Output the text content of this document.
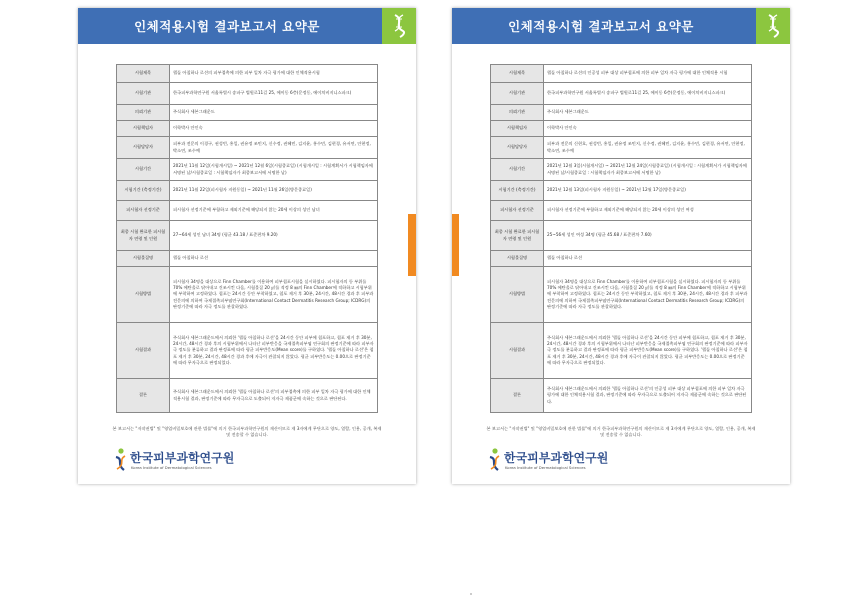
인체적용시험 결과보고서 요약문
시험제목	헬돌 아칠하나 로션의 피부접촉에 의한 피부 일차 자극 평가에 대한 인체적용시험
시험기관	한국피부과학연구원 서울특별시 송파구 법원로11길 25, 에이동 6층(문정동, 에이치비지니스파크)
의뢰기관	주식회사 세븐그래운드
시험책임자	이학박사 안인숙
시험담당자	피부과 전문의 이경구, 권성빈, 홍일, 권유정 조민지, 신수정, 권혜민, 김지윤, 홍수민, 김현경, 유서연, 안현정, 박소연, 조수예
시험기간	2021년 11월 12일(시험개시일) ~ 2021년 12월 6일(시험종료일) (시험개시일 : 시험계획서가 시험책임자에 서명된 날/시험종료일 : 시험책임자가 최종보고서에 서명한 날)
시험기간 (측정기간)	2021년 11월 22일(피시험자 지원동일) ~ 2021년 11월 26일(방문종료일)
피시험자 선정기준	피시험자 선정기준에 부합하고 제외기준에 해당되지 않는 20세 이상의 성인 남녀
최종 시험 완료한 피시험자 연령 및 인원	27~64세 성인 남녀 34명 (평균 43.18 / 표준편차 9.20)
시험물질명	헬돌 아칠하나 로션
시험방법	피시험자 34명을 대상으로 Finn Chamber를 이용하여 피부첩포시험을 실시하였다. 피시험자의 등 부위를 70% 에탄올로 닦아내고 건조시킨 다음, 시험물질 20 ㎕를 적정 8 ㎜의 Finn Chamber에 적하하고 시험부위에 부착하여 고정하였다. 첩포는 24시간 동안 부착하였고, 첩포 제거 후 30분, 24시간, 48시간 경과 후 피부과 전문의에 의하여 국제접촉피부염연구회(International Contact Dermatitis Research Group; ICDRG)의 판정기준에 따라 자극 정도를 관찰하였다.
시험결과	주식회사 세븐그래운드에서 의뢰한 '헬돌 아칠하나 로션'을 24시간 동안 피부에 첩포하고, 첩포 제거 후 30분, 24시간, 48시간 경과 후의 시험부위에서 나타난 피부반응을 국제접촉피부염 연구회의 판정기준에 따라 피부자극 정도를 분류하고 결과 판정표에 따라 평균 피부반응도(Mean score)를 구하였다. '헬돌 아칠하나 로션'은 첩포 제거 후 30분, 24시간, 48시간 경과 후에 자극이 관찰되지 않았다. 평균 피부반응도는 0.00으로 판정기준에 따라 무자극으로 판정되었다.
결론	주식회사 세븐그래운드에서 의뢰한 '헬돌 아칠하나 로션'의 피부접촉에 의한 피부 일차 자극 평가에 대한 인체적용시험 결과, 판정기준에 따라 무자극으로 도출되어 저자극 제품군에 속하는 것으로 판단된다.
본 보고서는 "저작권법" 및 "영업비밀보호에 관한 법률"에 의거 한국피부과학연구원의 재산이므로 제 3자에게 무단으로 양도, 열람, 인용, 공개, 복제 및 전송할 수 없습니다.
한국피부과학연구원
Korea Institute of Dermatological Sciences
인체적용시험 결과보고서 요약문
시험제목	헬돌 아칠하나 로션의 인공성 피부 대상 피부첩포에 의한 피부 일차 자극 평가에 대한 인체적용 시험
시험기관	한국피부과학연구원 서울특별시 송파구 법원로11길 25, 에이동 6층(문정동, 에이치비지니스파크)
의뢰기관	주식회사 세븐그래운드
시험책임자	이학박사 안인숙
시험담당자	피부과 전문의 신현호, 권성빈, 홍일, 권유정 조민지, 신수정, 권혜민, 김지윤, 홍수민, 김현경, 유서연, 안현정, 박소연, 조수예
시험기간	2021년 12월 3일(시험개시일) ~ 2021년 12월 24일(시험종료일) (시험개시일 : 시험계획서가 시험책임자에 서명된 날/시험종료일 : 시험책임자가 최종보고서에 서명한 날)
시험기간 (측정기간)	2021년 12월 13일(피시험자 지원동일) ~ 2021년 12월 17일(방문종료일)
피시험자 선정기준	피시험자 선정기준에 부합하고 제외기준에 해당되지 않는 20세 이상의 성인 여성
최종 시험 완료한 피시험자 연령 및 인원	25~56세 성인 여성 34명 (평균 45.68 / 표준편차 7.60)
시험물질명	헬돌 아칠하나 로션
시험방법	피시험자 34명을 대상으로 Finn Chamber를 이용하여 피부첩포시험을 실시하였다. 피시험자의 등 부위를 70% 에탄올로 닦아내고 건조시킨 다음, 시험물질 20 ㎕를 적정 8 ㎜의 Finn Chamber에 적하하고 시험부위에 부착하여 고정하였다. 첩포는 24시간 동안 부착하였고, 첩포 제거 후 30분, 24시간, 48시간 경과 후 피부과 전문의에 의하여 국제접촉피부염연구회(International Contact Dermatitis Research Group; ICDRG)의 판정기준에 따라 자극 정도를 관찰하였다.
시험결과	주식회사 세븐그래운드에서 의뢰한 '헬돌 아칠하나 로션'을 24시간 동안 피부에 첩포하고, 첩포 제거 후 30분, 24시간, 48시간 경과 후의 시험부위에서 나타난 피부반응을 국제접촉피부염 연구회의 판정기준에 따라 피부자극 정도를 분류하고 결과 판정표에 따라 평균 피부반응도(Mean score)를 구하였다. '헬돌 아칠하나 로션'은 첩포 제거 후 30분, 24시간, 48시간 경과 후에 자극이 관찰되지 않았다. 평균 피부반응도는 0.00으로 판정기준에 따라 무자극으로 판정되었다.
결론	주식회사 세븐그래운드에서 의뢰한 '헬돌 아칠하나 로션'의 인공성 피부 대상 피부첩포에 의한 피부 일차 자극 평가에 대한 인체적용시험 결과, 판정기준에 따라 무자극으로 도출되어 저자극 제품군에 속하는 것으로 판단된다.
본 보고서는 "저작권법" 및 "영업비밀보호에 관한 법률"에 의거 한국피부과학연구원의 재산이므로 제 3자에게 무단으로 양도, 열람, 인용, 공개, 복제 및 전송할 수 없습니다.
한국피부과학연구원
Korea Institute of Dermatological Sciences
